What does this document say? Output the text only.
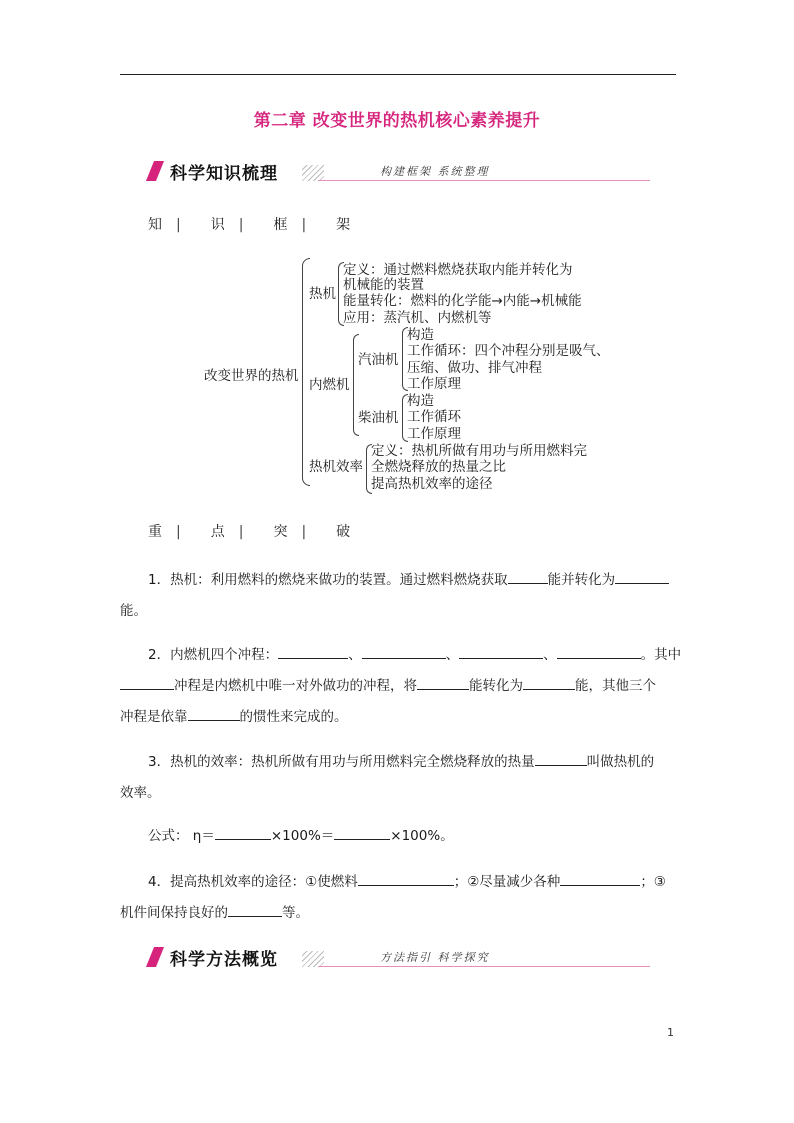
第二章 改变世界的热机核心素养提升
科学知识梳理	构建框架 系统整理
知 | 识 | 框 | 架
改变世界的热机
热机
定义：通过燃料燃烧获取内能并转化为
机械能的装置
能量转化：燃料的化学能→内能→机械能
应用：蒸汽机、内燃机等
内燃机
汽油机
构造
工作循环：四个冲程分别是吸气、
压缩、做功、排气冲程
工作原理
柴油机
构造
工作循环
工作原理
热机效率
定义：热机所做有用功与所用燃料完
全燃烧释放的热量之比
提高热机效率的途径
重 | 点 | 突 | 破
1．热机：利用燃料的燃烧来做功的装置。通过燃料燃烧获取	能并转化为
能。
2．内燃机四个冲程：	、	、	、	。其中
冲程是内燃机中唯一对外做功的冲程，将	能转化为	能，其他三个
冲程是依靠	的惯性来完成的。
3．热机的效率：热机所做有用功与所用燃料完全燃烧释放的热量	叫做热机的
效率。
公式： η＝	×100%＝	×100%。
4．提高热机效率的途径：①使燃料	；②尽量减少各种	；③
机件间保持良好的	等。
科学方法概览	方法指引 科学探究
1
